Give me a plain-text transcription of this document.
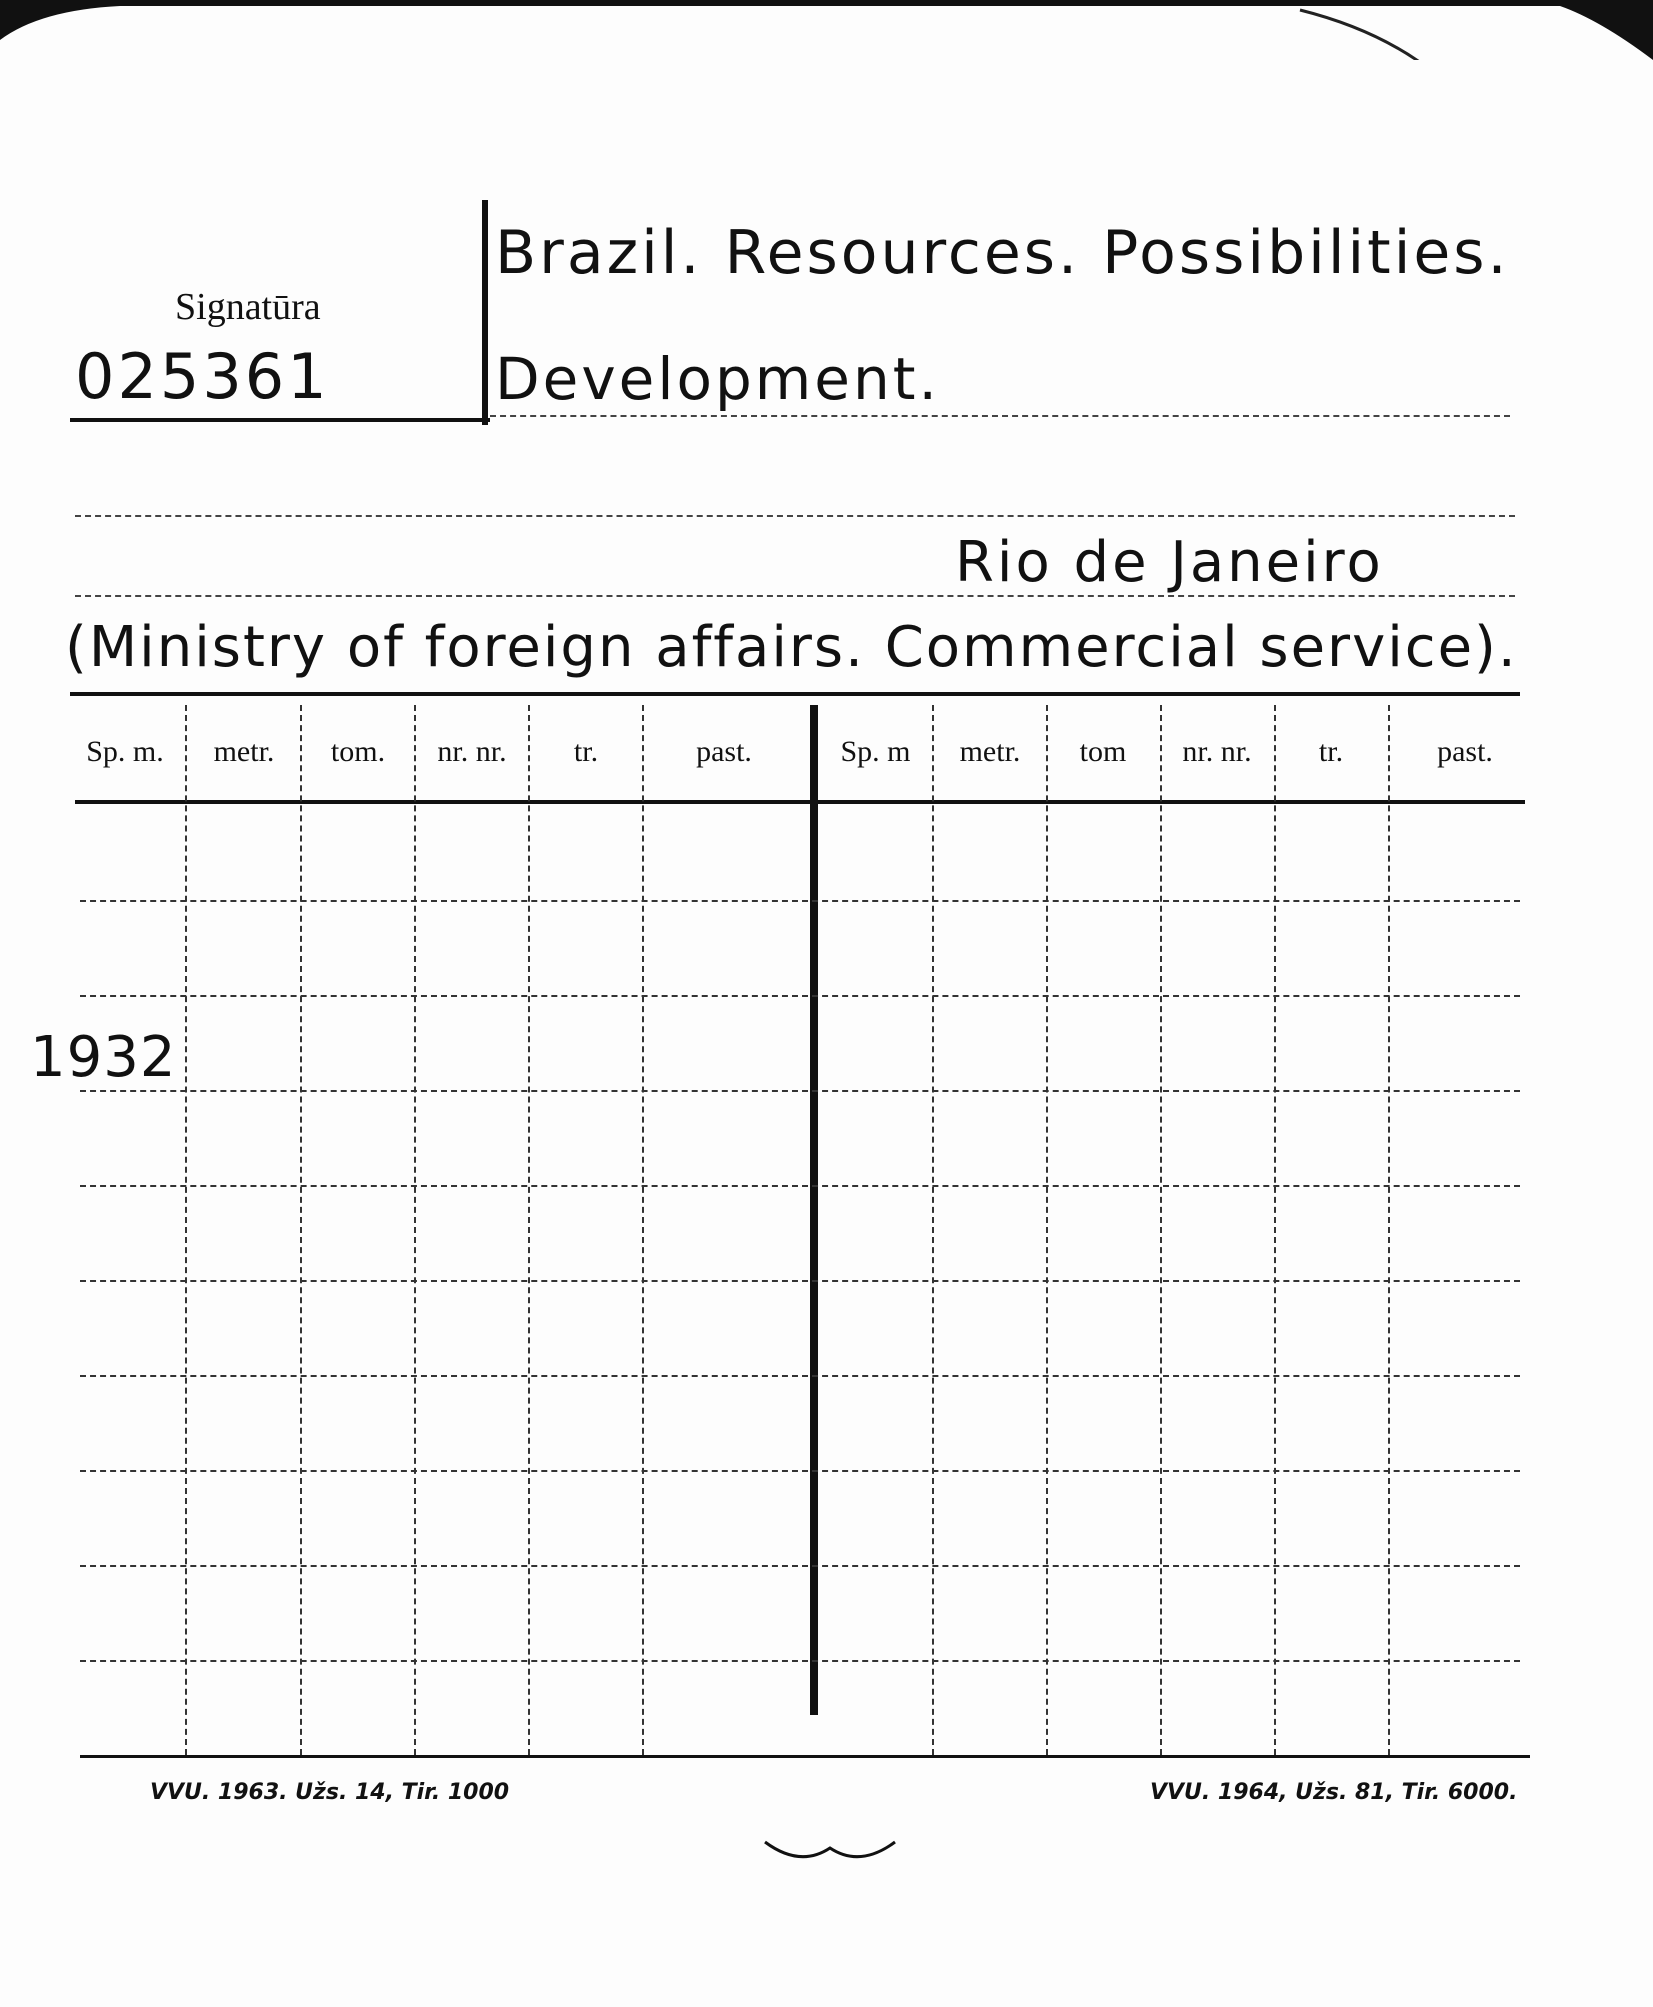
Signatūra
025361
Brazil. Resources. Possibilities.
Development.
Rio de Janeiro
(Ministry of foreign affairs. Commercial service).
Sp. m.	metr.	tom.	nr. nr.	tr.	past.	Sp. m	metr.	tom	nr. nr.	tr.	past.
1932
VVU. 1963. Užs. 14, Tir. 1000	VVU. 1964, Užs. 81, Tir. 6000.
